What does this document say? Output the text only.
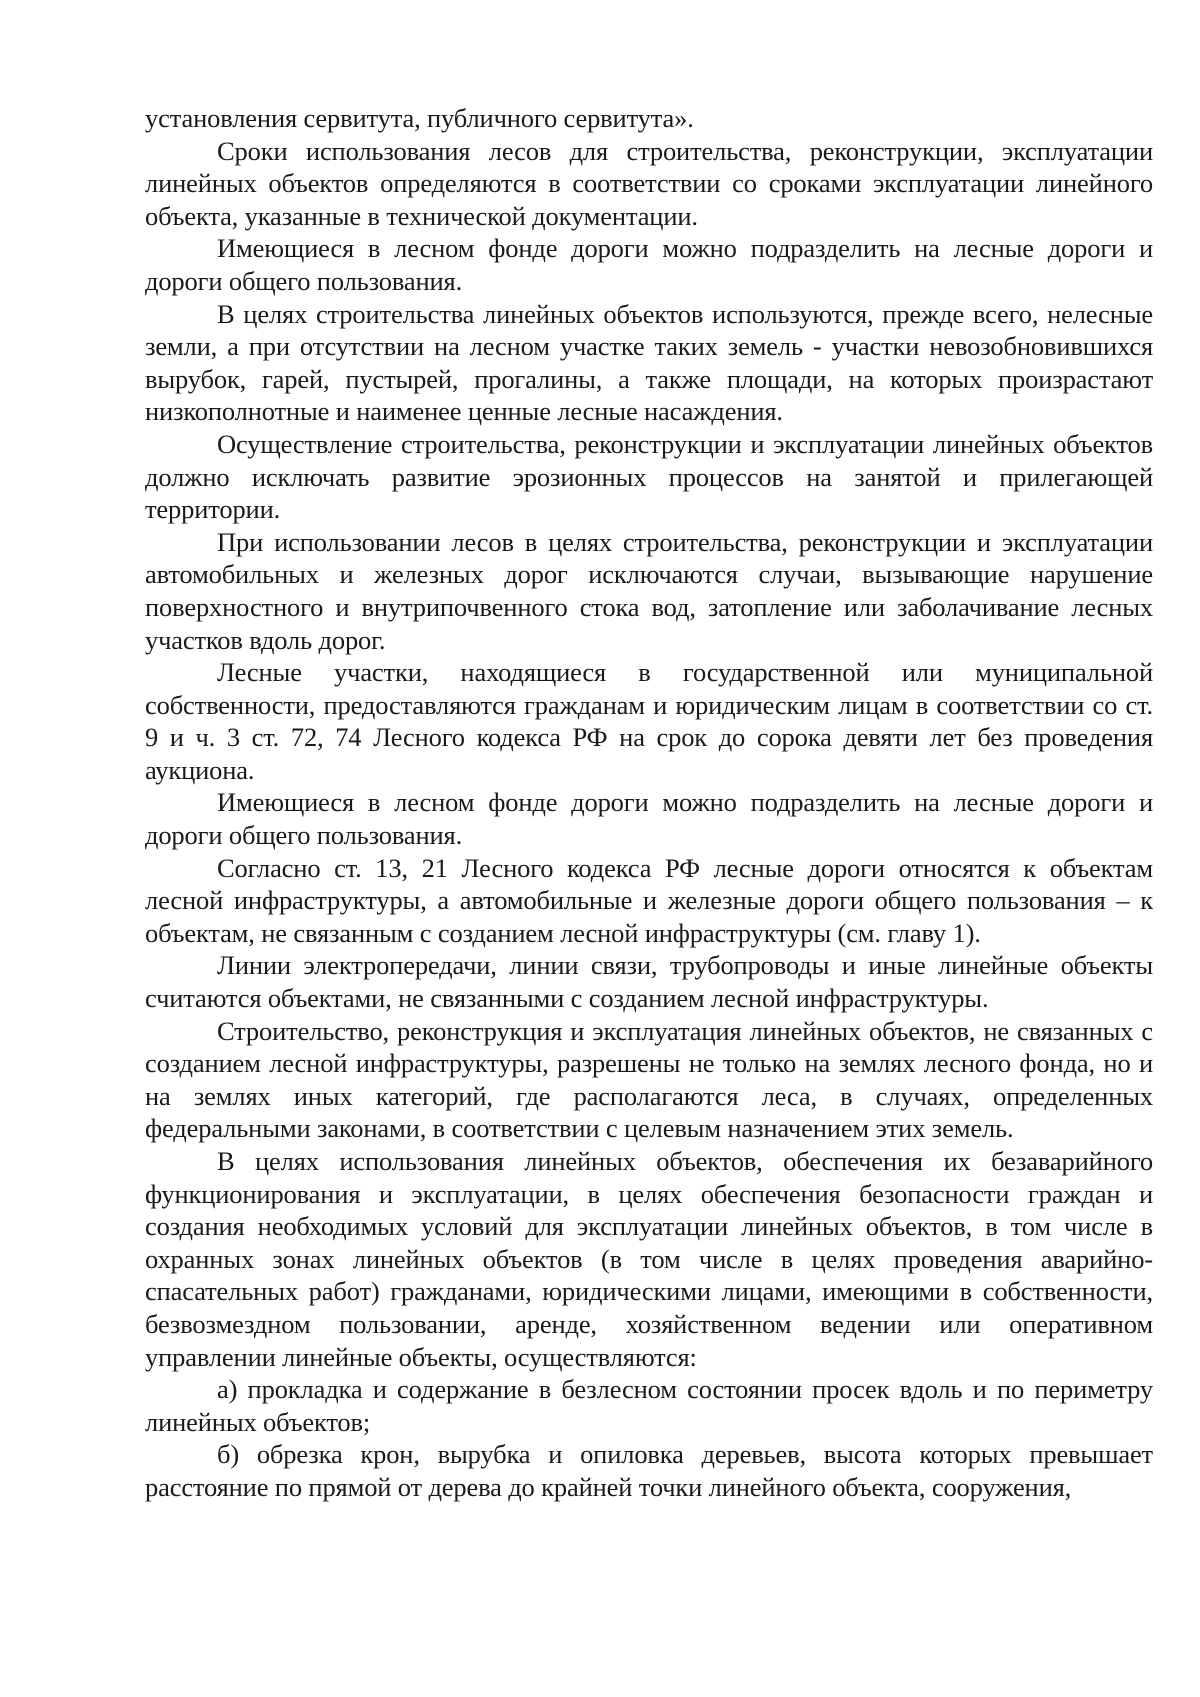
установления сервитута, публичного сервитута».

Сроки использования лесов для строительства, реконструкции, эксплуатации линейных объектов определяются в соответствии со сроками эксплуатации линейного объекта, указанные в технической документации.

Имеющиеся в лесном фонде дороги можно подразделить на лесные дороги и дороги общего пользования.

В целях строительства линейных объектов используются, прежде всего, нелесные земли, а при отсутствии на лесном участке таких земель - участки невозобновившихся вырубок, гарей, пустырей, прогалины, а также площади, на которых произрастают низкополнотные и наименее ценные лесные насаждения.

Осуществление строительства, реконструкции и эксплуатации линейных объектов должно исключать развитие эрозионных процессов на занятой и прилегающей территории.

При использовании лесов в целях строительства, реконструкции и эксплуатации автомобильных и железных дорог исключаются случаи, вызывающие нарушение поверхностного и внутрипочвенного стока вод, затопление или заболачивание лесных участков вдоль дорог.

Лесные участки, находящиеся в государственной или муниципальной собственности, предоставляются гражданам и юридическим лицам в соответствии со ст. 9 и ч. 3 ст. 72, 74 Лесного кодекса РФ на срок до сорока девяти лет без проведения аукциона.

Имеющиеся в лесном фонде дороги можно подразделить на лесные дороги и дороги общего пользования.

Согласно ст. 13, 21 Лесного кодекса РФ лесные дороги относятся к объектам лесной инфраструктуры, а автомобильные и железные дороги общего пользования – к объектам, не связанным с созданием лесной инфраструктуры (см. главу 1).

Линии электропередачи, линии связи, трубопроводы и иные линейные объекты считаются объектами, не связанными с созданием лесной инфраструктуры.

Строительство, реконструкция и эксплуатация линейных объектов, не связанных с созданием лесной инфраструктуры, разрешены не только на землях лесного фонда, но и на землях иных категорий, где располагаются леса, в случаях, определенных федеральными законами, в соответствии с целевым назначением этих земель.

В целях использования линейных объектов, обеспечения их безаварийного функционирования и эксплуатации, в целях обеспечения безопасности граждан и создания необходимых условий для эксплуатации линейных объектов, в том числе в охранных зонах линейных объектов (в том числе в целях проведения аварийно-спасательных работ) гражданами, юридическими лицами, имеющими в собственности, безвозмездном пользовании, аренде, хозяйственном ведении или оперативном управлении линейные объекты, осуществляются:

а) прокладка и содержание в безлесном состоянии просек вдоль и по периметру линейных объектов;

б) обрезка крон, вырубка и опиловка деревьев, высота которых превышает расстояние по прямой от дерева до крайней точки линейного объекта, сооружения,
